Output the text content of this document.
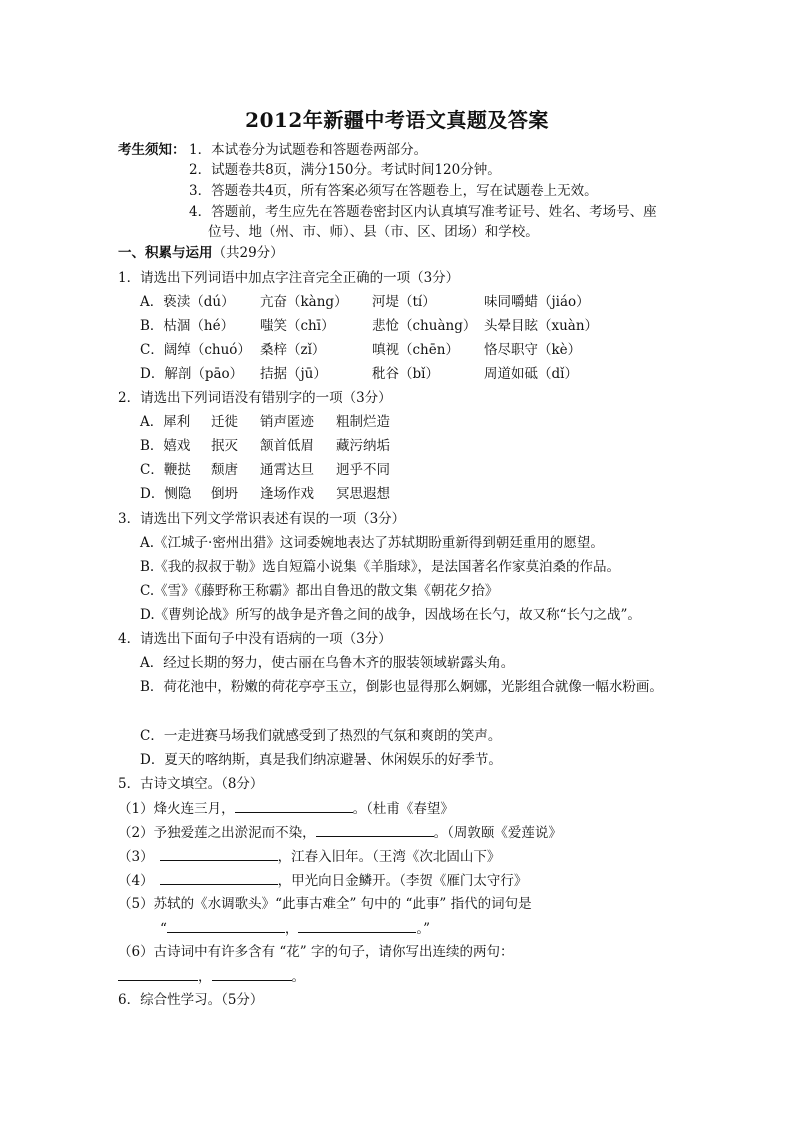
2012年新疆中考语文真题及答案
考生须知： 1．本试卷分为试题卷和答题卷两部分。
2．试题卷共8页，满分150分。考试时间120分钟。
3．答题卷共4页，所有答案必须写在答题卷上，写在试题卷上无效。
4．答题前，考生应先在答题卷密封区内认真填写准考证号、姓名、考场号、座
位号、地（州、市、师）、县（市、区、团场）和学校。
一、积累与运用（共29分）
1．请选出下列词语中加点字注音完全正确的一项（3分）
A．亵渎（dú） 亢奋（kàng） 河堤（tí）	味同嚼蜡（jiáo）
B．枯涸（hé） 嗤笑（chī）	悲怆（chuàng） 头晕目眩（xuàn）
C．阔绰（chuó） 桑梓（zǐ）	嗔视（chēn） 恪尽职守（kè）
D．解剖（pāo） 拮据（jū）	秕谷（bǐ）	周道如砥（dǐ）
2．请选出下列词语没有错别字的一项（3分）
A．犀利 迁徙 销声匿迹 粗制烂造
B．嬉戏 抿灭 颔首低眉 藏污纳垢
C．鞭挞 颓唐 通霄达旦 迥乎不同
D．恻隐 倒坍 逢场作戏 冥思遐想
3．请选出下列文学常识表述有误的一项（3分）
A.《江城子·密州出猎》这词委婉地表达了苏轼期盼重新得到朝廷重用的愿望。
B.《我的叔叔于勒》选自短篇小说集《羊脂球》，是法国著名作家莫泊桑的作品。
C.《雪》《藤野称王称霸》都出自鲁迅的散文集《朝花夕拾》
D.《曹刿论战》所写的战争是齐鲁之间的战争，因战场在长勺，故又称“长勺之战”。
4．请选出下面句子中没有语病的一项（3分）
A．经过长期的努力，使古丽在乌鲁木齐的服装领域崭露头角。
B．荷花池中，粉嫩的荷花亭亭玉立，倒影也显得那么婀娜，光影组合就像一幅水粉画。
C．一走进赛马场我们就感受到了热烈的气氛和爽朗的笑声。
D．夏天的喀纳斯，真是我们纳凉避暑、休闲娱乐的好季节。
5．古诗文填空。（8分）
（1）烽火连三月，	。（杜甫《春望》
（2）予独爱莲之出淤泥而不染，	。（周敦颐《爱莲说》
（3）	，江春入旧年。（王湾《次北固山下》
（4）	，甲光向日金鳞开。（李贺《雁门太守行》
（5）苏轼的《水调歌头》“此事古难全” 句中的 “此事” 指代的词句是
“	，	。”
（6）古诗词中有许多含有 “花” 字的句子，请你写出连续的两句：
，	。
6．综合性学习。（5分）
